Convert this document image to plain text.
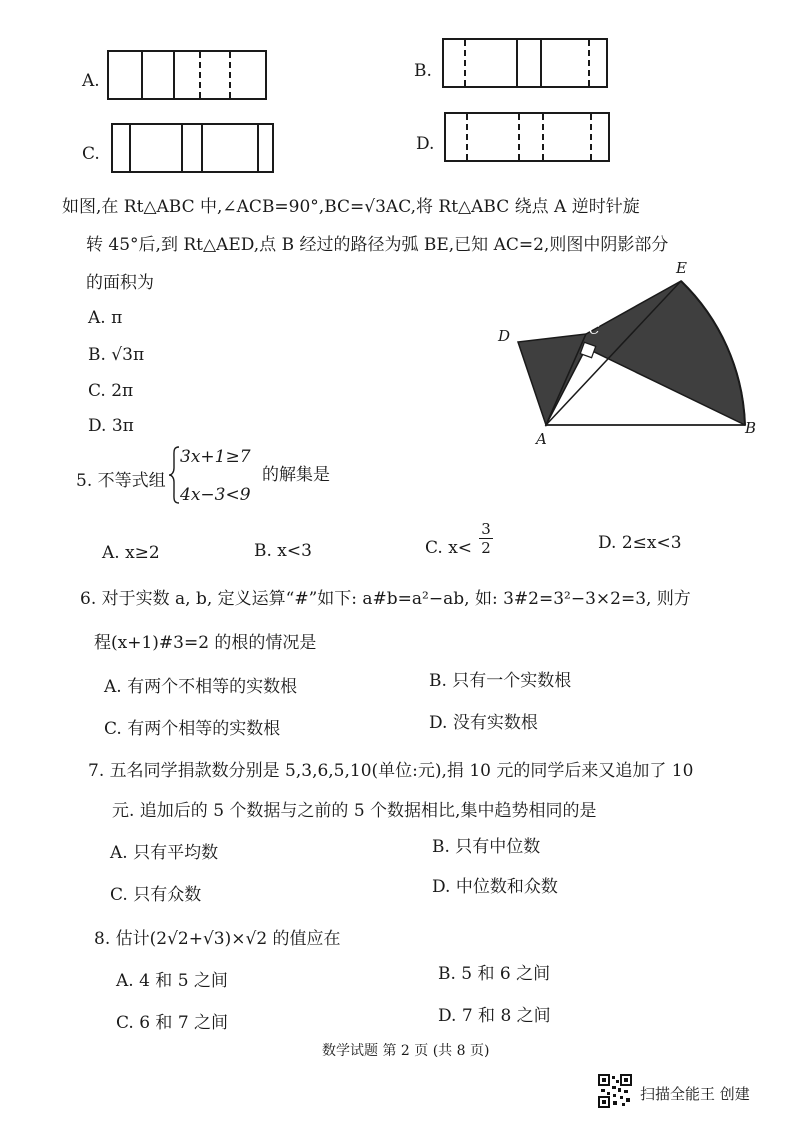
A.	B.
C.	D.
如图,在 Rt△ABC 中,∠ACB=90°,BC=√3AC,将 Rt△ABC 绕点 A 逆时针旋
转 45°后,到 Rt△AED,点 B 经过的路径为弧 BE,已知 AC=2,则图中阴影部分
的面积为
A. π
B. √3π
C. 2π
D. 3π
E
D	C
A
B
5. 不等式组
3x+1≥7
4x−3<9
的解集是
A. x≥2	B. x<3	C. $x< \frac{3}{2}$	D. 2≤x<3
6. 对于实数 a, b, 定义运算“#”如下: a#b=a²−ab, 如: 3#2=3²−3×2=3, 则方
程(x+1)#3=2 的根的情况是
A. 有两个不相等的实数根	B. 只有一个实数根
C. 有两个相等的实数根	D. 没有实数根
7. 五名同学捐款数分别是 5,3,6,5,10(单位:元),捐 10 元的同学后来又追加了 10
元. 追加后的 5 个数据与之前的 5 个数据相比,集中趋势相同的是
A. 只有平均数	B. 只有中位数
C. 只有众数	D. 中位数和众数
8. 估计(2√2+√3)×√2 的值应在
A. 4 和 5 之间	B. 5 和 6 之间
C. 6 和 7 之间	D. 7 和 8 之间
数学试题 第 2 页 (共 8 页)
扫描全能王 创建
